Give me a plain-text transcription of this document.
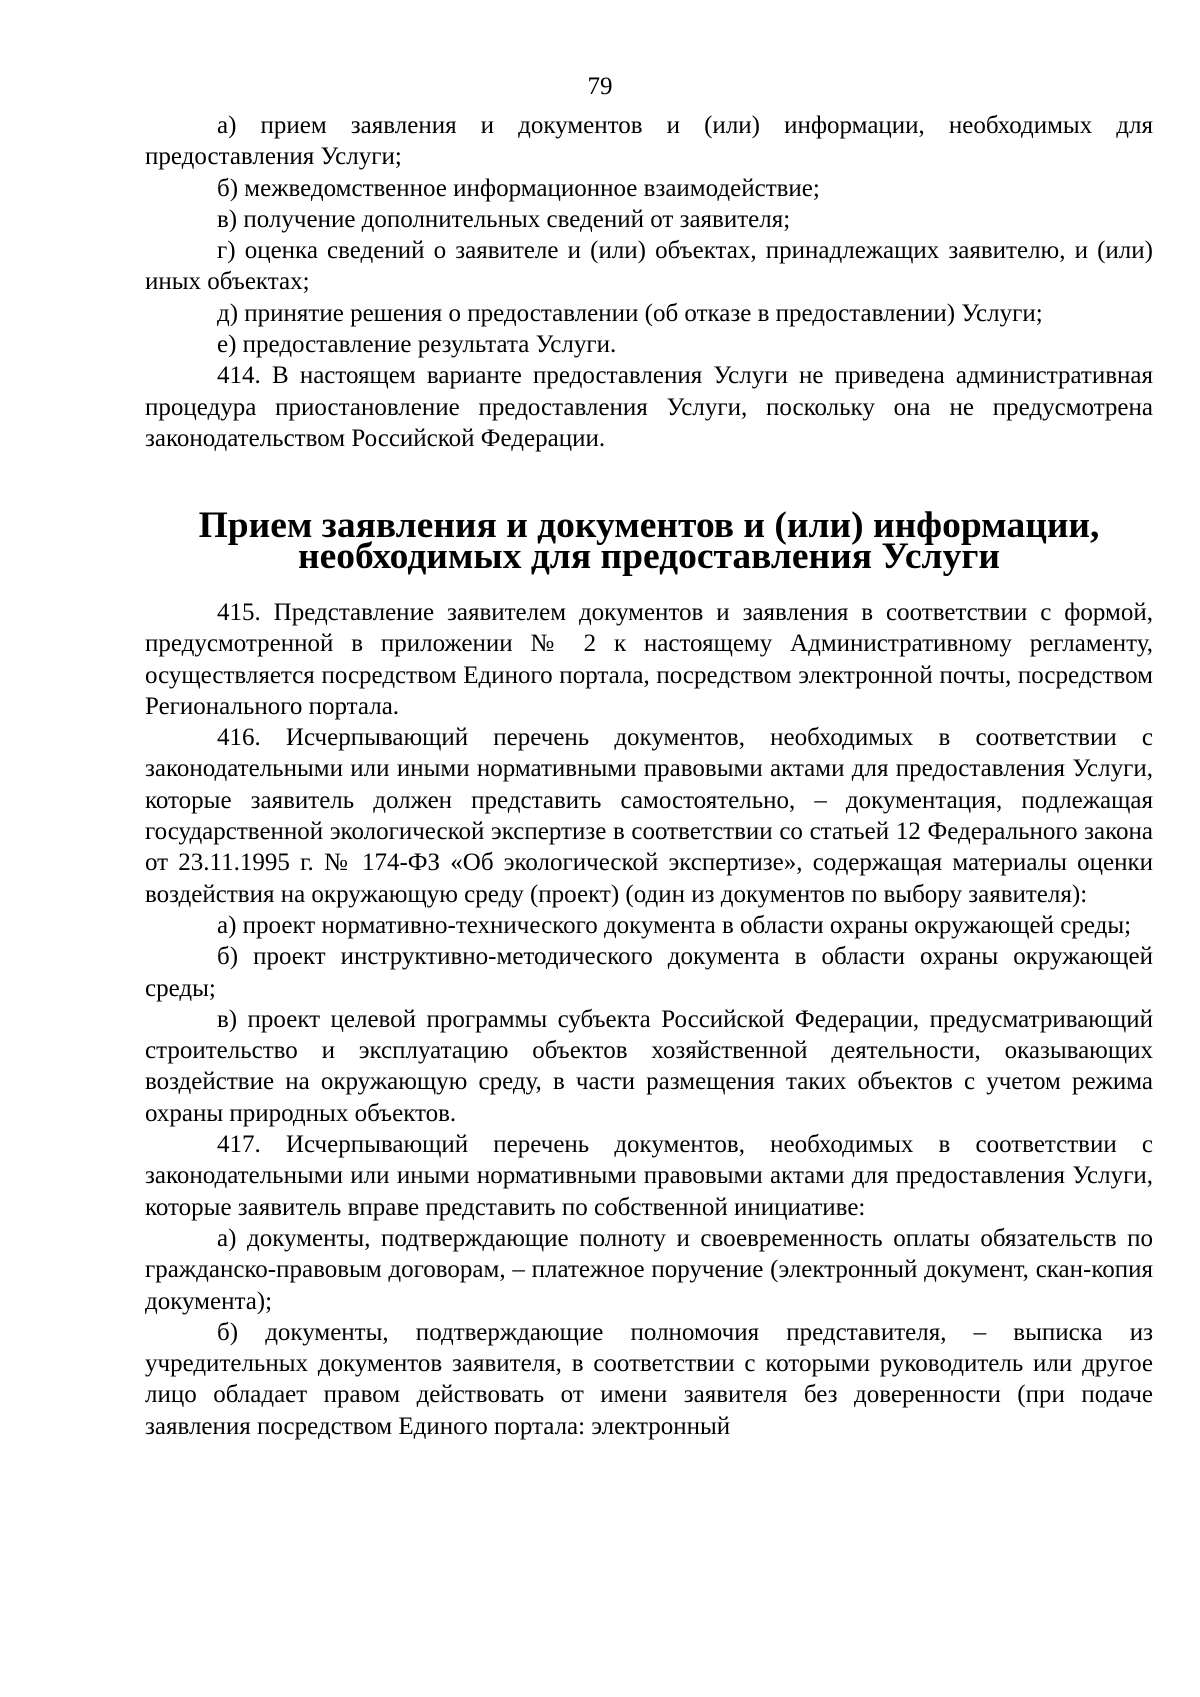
79

а) прием заявления и документов и (или) информации, необходимых для предоставления Услуги;

б) межведомственное информационное взаимодействие;

в) получение дополнительных сведений от заявителя;

г) оценка сведений о заявителе и (или) объектах, принадлежащих заявителю, и (или) иных объектах;

д) принятие решения о предоставлении (об отказе в предоставлении) Услуги;

е) предоставление результата Услуги.

414. В настоящем варианте предоставления Услуги не приведена административная процедура приостановление предоставления Услуги, поскольку она не предусмотрена законодательством Российской Федерации.

Прием заявления и документов и (или) информации, необходимых для предоставления Услуги

415. Представление заявителем документов и заявления в соответствии с формой, предусмотренной в приложении № 2 к настоящему Административному регламенту, осуществляется посредством Единого портала, посредством электронной почты, посредством Регионального портала.

416. Исчерпывающий перечень документов, необходимых в соответствии с законодательными или иными нормативными правовыми актами для предоставления Услуги, которые заявитель должен представить самостоятельно, – документация, подлежащая государственной экологической экспертизе в соответствии со статьей 12 Федерального закона от 23.11.1995 г. № 174-ФЗ «Об экологической экспертизе», содержащая материалы оценки воздействия на окружающую среду (проект) (один из документов по выбору заявителя):

а) проект нормативно-технического документа в области охраны окружающей среды;

б) проект инструктивно-методического документа в области охраны окружающей среды;

в) проект целевой программы субъекта Российской Федерации, предусматривающий строительство и эксплуатацию объектов хозяйственной деятельности, оказывающих воздействие на окружающую среду, в части размещения таких объектов с учетом режима охраны природных объектов.

417. Исчерпывающий перечень документов, необходимых в соответствии с законодательными или иными нормативными правовыми актами для предоставления Услуги, которые заявитель вправе представить по собственной инициативе:

а) документы, подтверждающие полноту и своевременность оплаты обязательств по гражданско-правовым договорам, – платежное поручение (электронный документ, скан-копия документа);

б) документы, подтверждающие полномочия представителя, – выписка из учредительных документов заявителя, в соответствии с которыми руководитель или другое лицо обладает правом действовать от имени заявителя без доверенности (при подаче заявления посредством Единого портала: электронный
